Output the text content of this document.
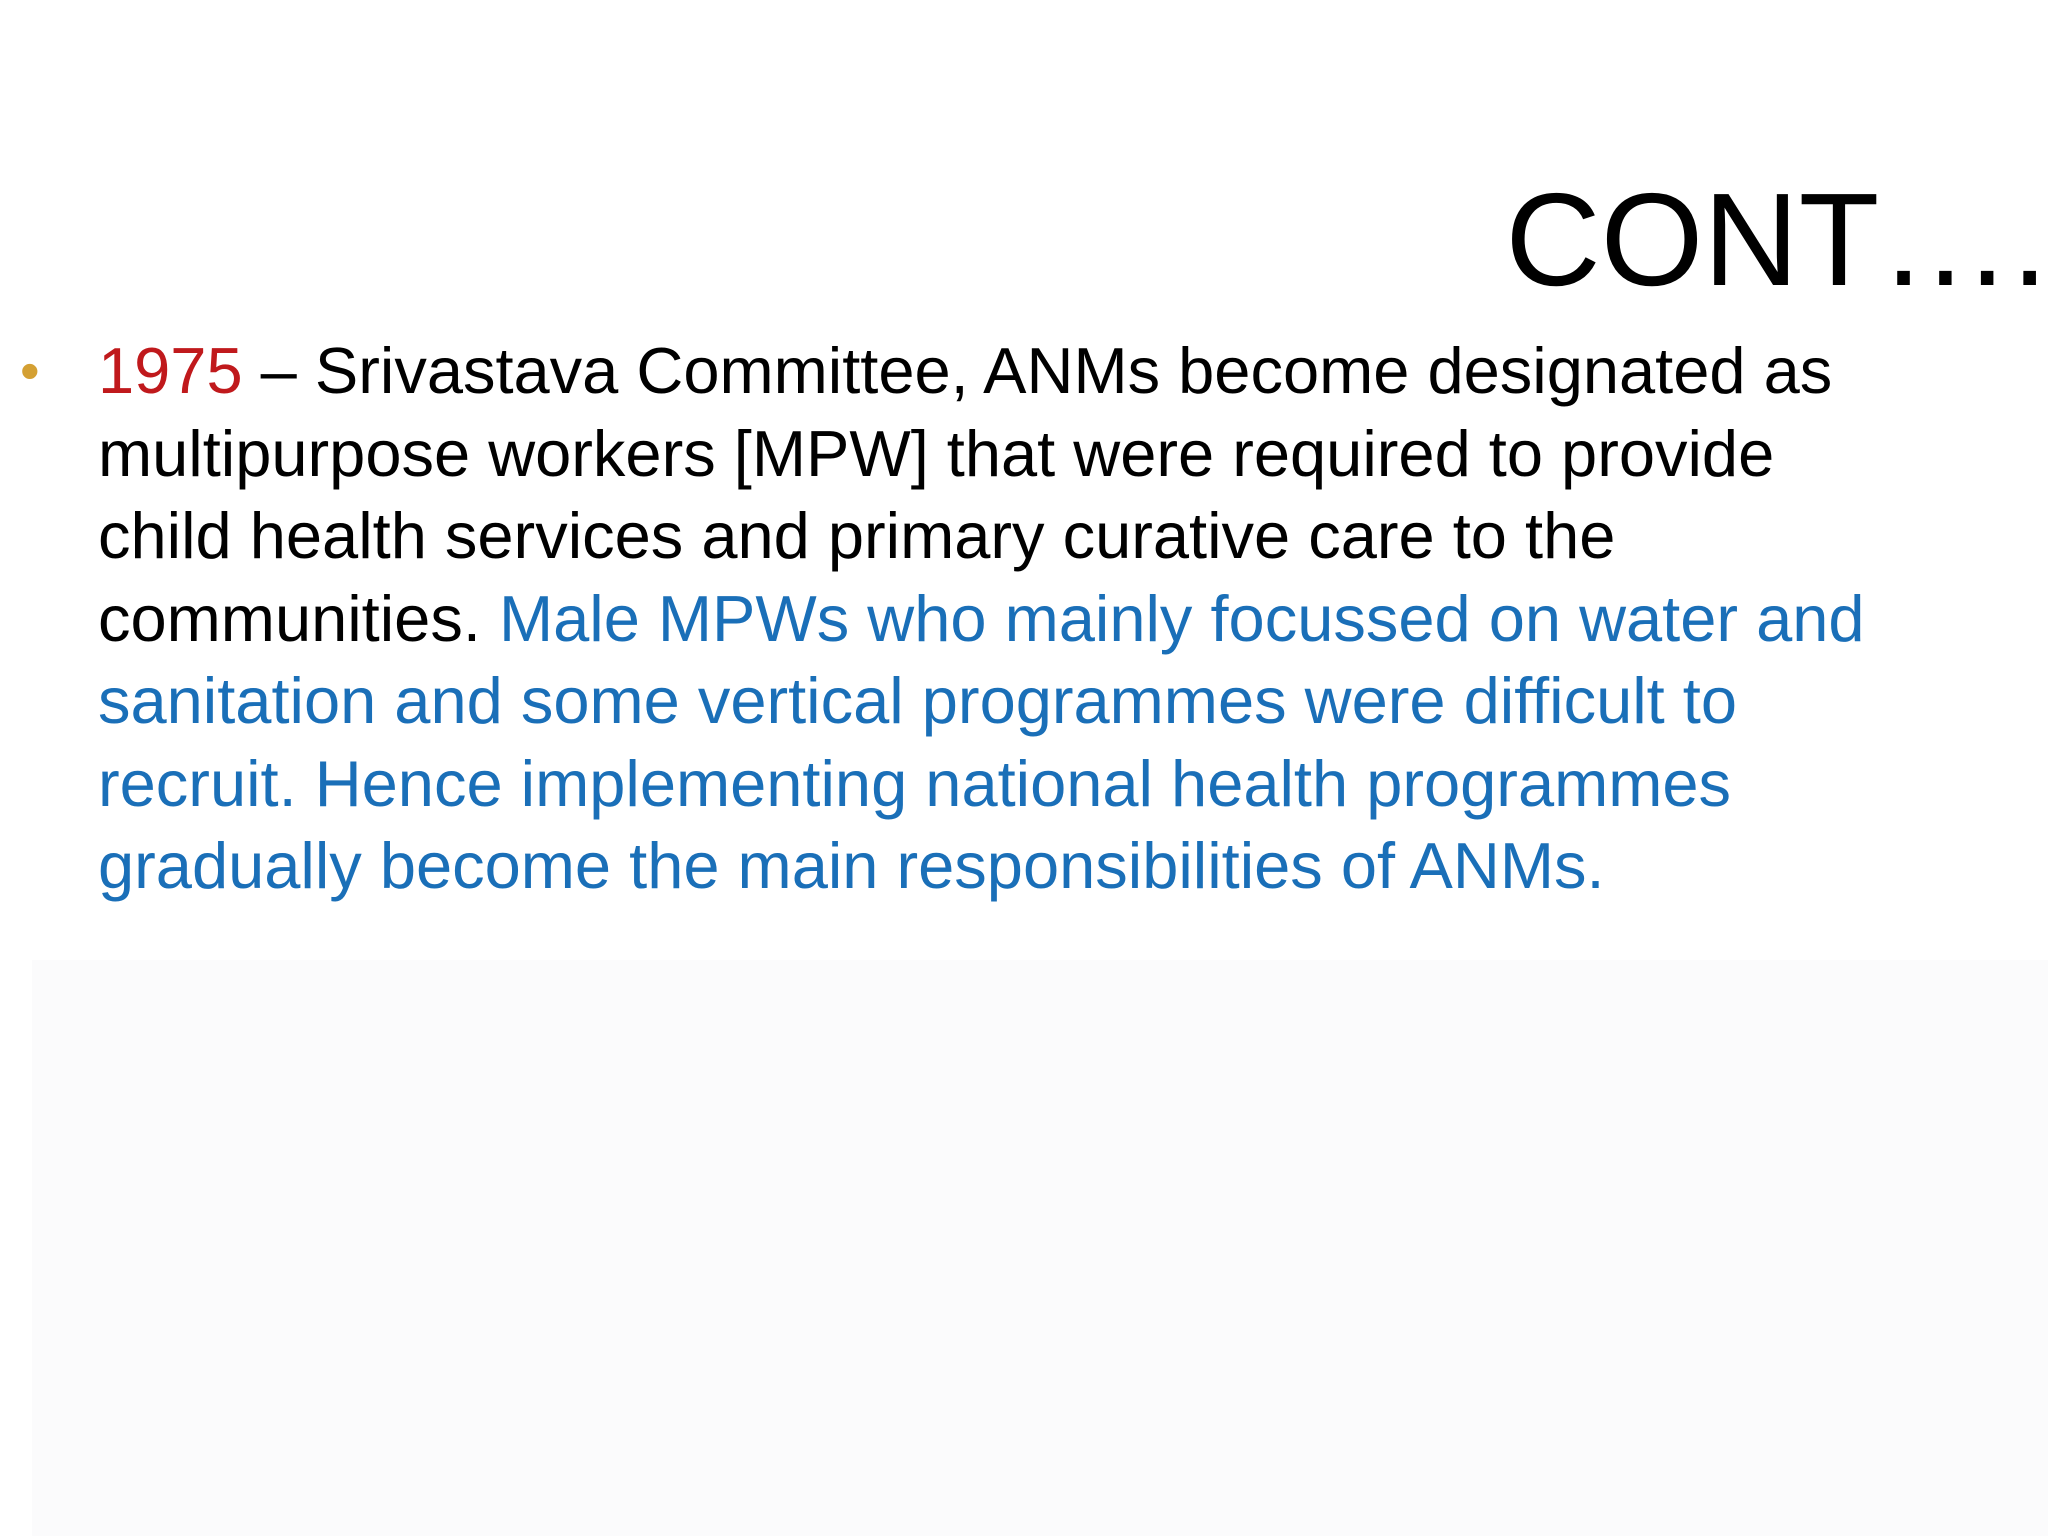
CONT….
• 1975 – Srivastava Committee, ANMs become designated as
multipurpose workers [MPW] that were required to provide
child health services and primary curative care to the
communities. Male MPWs who mainly focussed on water and
sanitation and some vertical programmes were difficult to
recruit. Hence implementing national health programmes
gradually become the main responsibilities of ANMs.
